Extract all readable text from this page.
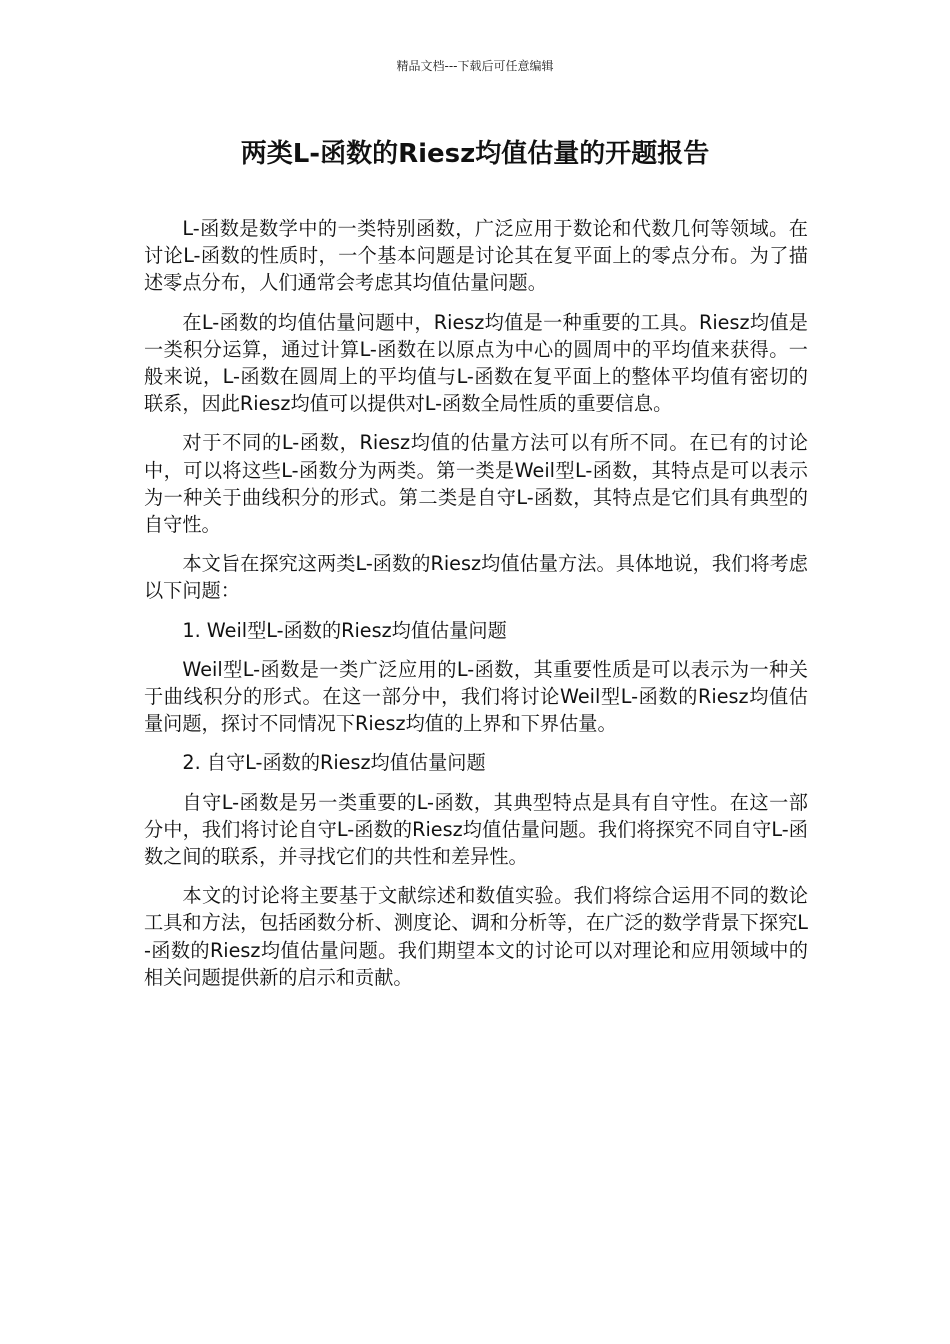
精品文档---下载后可任意编辑
两类L-函数的Riesz均值估量的开题报告

L-函数是数学中的一类特别函数，广泛应用于数论和代数几何等领域。在讨论L-函数的性质时，一个基本问题是讨论其在复平面上的零点分布。为了描述零点分布，人们通常会考虑其均值估量问题。

在L-函数的均值估量问题中，Riesz均值是一种重要的工具。Riesz均值是一类积分运算，通过计算L-函数在以原点为中心的圆周中的平均值来获得。一般来说，L-函数在圆周上的平均值与L-函数在复平面上的整体平均值有密切的联系，因此Riesz均值可以提供对L-函数全局性质的重要信息。

对于不同的L-函数，Riesz均值的估量方法可以有所不同。在已有的讨论中，可以将这些L-函数分为两类。第一类是Weil型L-函数，其特点是可以表示为一种关于曲线积分的形式。第二类是自守L-函数，其特点是它们具有典型的自守性。

本文旨在探究这两类L-函数的Riesz均值估量方法。具体地说，我们将考虑以下问题：

1. Weil型L-函数的Riesz均值估量问题

Weil型L-函数是一类广泛应用的L-函数，其重要性质是可以表示为一种关于曲线积分的形式。在这一部分中，我们将讨论Weil型L-函数的Riesz均值估量问题，探讨不同情况下Riesz均值的上界和下界估量。

2. 自守L-函数的Riesz均值估量问题

自守L-函数是另一类重要的L-函数，其典型特点是具有自守性。在这一部分中，我们将讨论自守L-函数的Riesz均值估量问题。我们将探究不同自守L-函数之间的联系，并寻找它们的共性和差异性。

本文的讨论将主要基于文献综述和数值实验。我们将综合运用不同的数论工具和方法，包括函数分析、测度论、调和分析等，在广泛的数学背景下探究L-函数的Riesz均值估量问题。我们期望本文的讨论可以对理论和应用领域中的相关问题提供新的启示和贡献。
